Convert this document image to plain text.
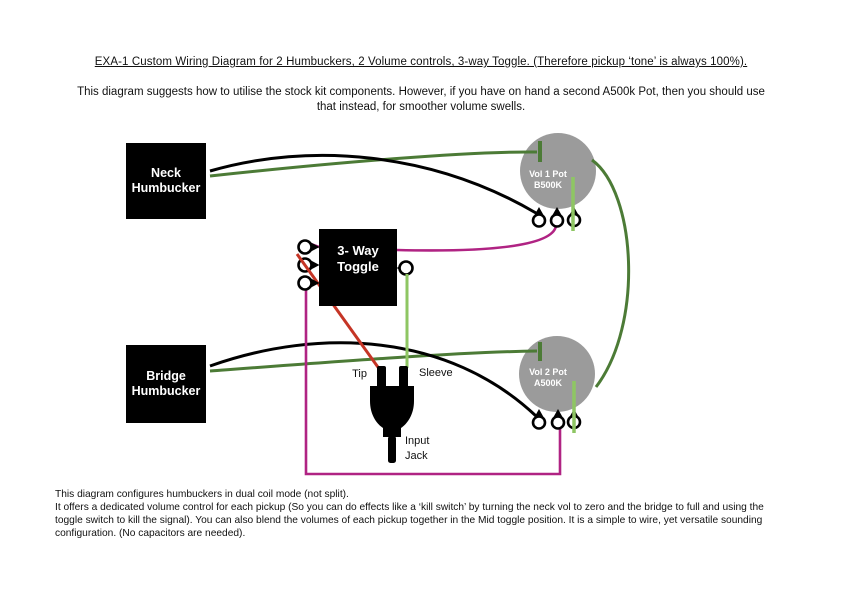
EXA-1 Custom Wiring Diagram for 2 Humbuckers, 2 Volume controls, 3-way Toggle. (Therefore pickup ‘tone’ is always 100%).
This diagram suggests how to utilise the stock kit components. However, if you have on hand a second A500k Pot, then you should use
that instead, for smoother volume swells.
Neck
Humbucker
Bridge
Humbucker
3- Way
Toggle
Vol 1 Pot
B500K
Vol 2 Pot
A500K
Tip	Sleeve
Input
Jack
This diagram configures humbuckers in dual coil mode (not split).
It offers a dedicated volume control for each pickup (So you can do effects like a ‘kill switch’ by turning the neck vol to zero and the bridge to full and using the
toggle switch to kill the signal). You can also blend the volumes of each pickup together in the Mid toggle position. It is a simple to wire, yet versatile sounding
configuration. (No capacitors are needed).
